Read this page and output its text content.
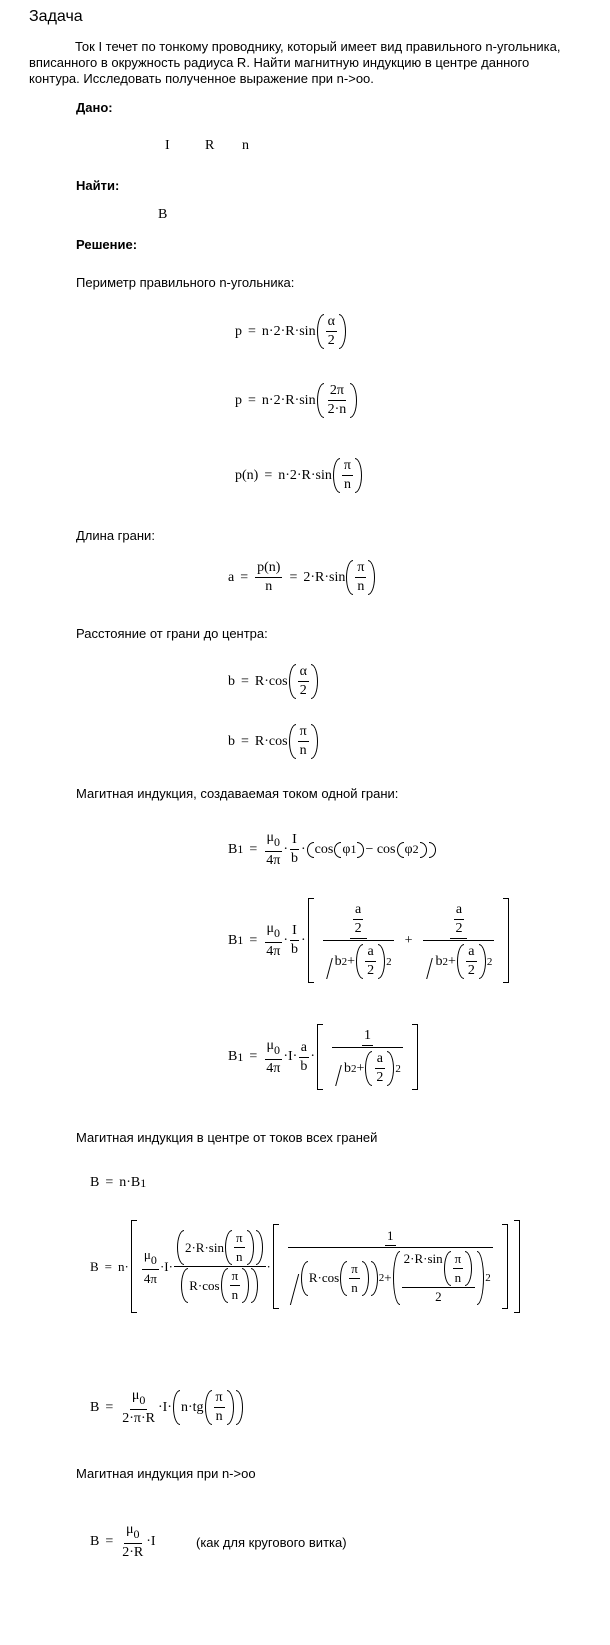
Задача
Ток I течет по тонкому проводнику, который имеет вид правильного n-угольника, вписанного в окружность радиуса R. Найти магнитную индукцию в центре данного контура. Исследовать полученное выражение при n->oo.
Дано:
I	R n
Найти:
B
Решение:
Периметр правильного n-угольника:
p
=
$n\cdot 2\cdot R\cdot\sin \frac{\alpha}{2}$
p
=
$n\cdot 2\cdot R\cdot\sin \frac{2\pi}{2\cdot n}$
p(n)
=
$n\cdot 2\cdot R\cdot\sin \frac{\pi}{n}$
Длина грани:
a
= $\frac{p(n)}{n}$ =
$2\cdot R\cdot\sin \frac{\pi}{n}$
Расстояние от грани до центра:
b
=
$R\cdot\cos \frac{\alpha}{2}$
b
=
$R\cdot\cos \frac{\pi}{n}$
Магитная индукция, создаваемая током одной грани:
B $1 = \frac{\mu 0}{4\pi} \cdot \frac{I}{b} \cdot \cos \varphi$ 1 − cos φ 2
B $1 = \frac{\mu 0}{4\pi} \cdot \frac{I}{b} \cdot \frac{\frac{a}{2}}{b 2 + \frac{a}{2} 2} + \frac{\frac{a}{2}}{b 2 + \frac{a}{2} 2}$
B $1 = \frac{\mu 0}{4\pi} \cdot I\cdot \frac{a}{b} \cdot \frac{1}{b 2 + \frac{a}{2} 2}$
Магитная индукция в центре от токов всех граней
B
=
n·B 1
B
=
$n\cdot \frac{\mu 0}{4\pi} \cdot I\cdot \frac{2\cdot R\cdot\sin \frac{\pi}{n}}{R\cdot\cos \frac{\pi}{n}} \cdot \frac{1}{R\cdot\cos \frac{\pi}{n} 2 + \frac{2\cdot R\cdot\sin \frac{\pi}{n}}{2} 2}$
B
= $\frac{\mu 0}{2\cdot\pi\cdot R} \cdot I\cdot n\cdot tg \frac{\pi}{n}$
Магитная индукция при n->oo
B
= $\frac{\mu 0}{2\cdot R} \cdot I$	(как для кругового витка)
